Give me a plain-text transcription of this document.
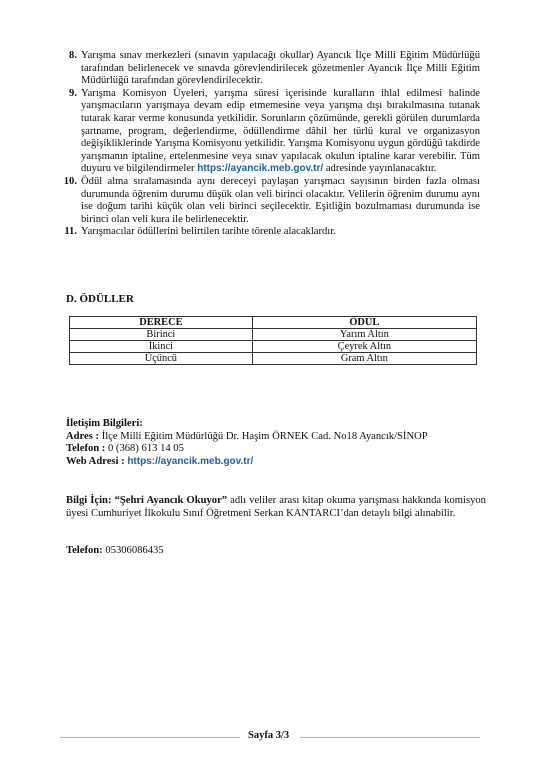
8. Yarışma sınav merkezleri (sınavın yapılacağı okullar) Ayancık İlçe Milli Eğitim Müdürlüğü tarafından belirlenecek ve sınavda görevlendirilecek gözetmenler Ayancık İlçe Milli Eğitim Müdürlüğü tarafından görevlendirilecektir.
9. Yarışma Komisyon Üyeleri, yarışma süresi içerisinde kuralların ihlal edilmesi halinde yarışmacıların yarışmaya devam edip etmemesine veya yarışma dışı bırakılmasına tutanak tutarak karar verme konusunda yetkilidir. Sorunların çözümünde, gerekli görülen durumlarda şartname, program, değerlendirme, ödüllendirme dâhil her türlü kural ve organizasyon değişikliklerinde Yarışma Komisyonu yetkilidir. Yarışma Komisyonu uygun gördüğü takdirde yarışmanın iptaline, ertelenmesine veya sınav yapılacak okulun iptaline karar verebilir. Tüm duyuru ve bilgilendirmeler https://ayancik.meb.gov.tr/ adresinde yayınlanacaktır.
10. Ödül alma sıralamasında aynı dereceyi paylaşan yarışmacı sayısının birden fazla olması durumunda öğrenim durumu düşük olan veli birinci olacaktır. Velilerin öğrenim durumu aynı ise doğum tarihi küçük olan veli birinci seçilecektir. Eşitliğin bozulmaması durumunda ise birinci olan veli kura ile belirlenecektir.
11. Yarışmacılar ödüllerini belirtilen tarihte törenle alacaklardır.
D. ÖDÜLLER
DERECE	ÖDÜL
Birinci	Yarım Altın
İkinci	Çeyrek Altın
Üçüncü	Gram Altın
İletişim Bilgileri:
Adres : İlçe Milli Eğitim Müdürlüğü Dr. Haşim ÖRNEK Cad. No18 Ayancık/SİNOP
Telefon : 0 (368) 613 14 05
Web Adresi : https://ayancik.meb.gov.tr/
Bilgi İçin: “Şehri Ayancık Okuyor” adlı veliler arası kitap okuma yarışması hakkında komisyon üyesi Cumhuriyet İlkokulu Sınıf Öğretmeni Serkan KANTARCI’dan detaylı bilgi alınabilir.
Telefon: 05306086435
Sayfa 3/3
